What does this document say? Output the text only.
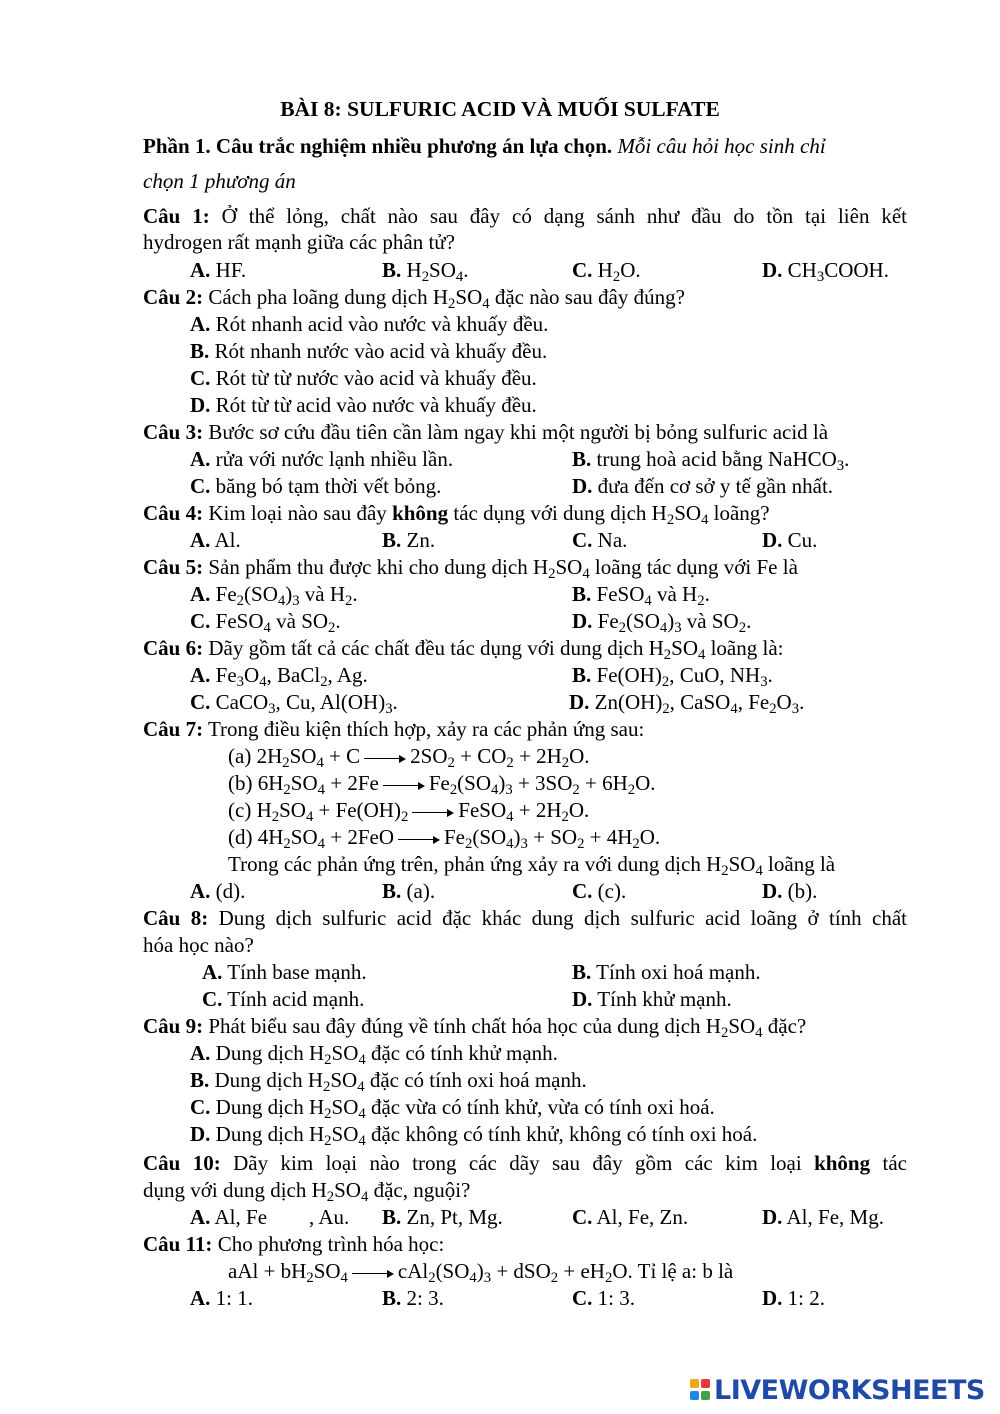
BÀI 8: SULFURIC ACID VÀ MUỐI SULFATE
Phần 1. Câu trắc nghiệm nhiều phương án lựa chọn. Mỗi câu hỏi học sinh chỉ
chọn 1 phương án
Câu 1: Ở thể lỏng, chất nào sau đây có dạng sánh như đầu do tồn tại liên kết
hydrogen rất mạnh giữa các phân tử?
A. HF.	B. $H_2SO_4$.	C. $H_2O$.	D. $CH_3COOH$.
Câu 2: Cách pha loãng dung dịch $H_2SO_4$ đặc nào sau đây đúng?
A. Rót nhanh acid vào nước và khuấy đều.
B. Rót nhanh nước vào acid và khuấy đều.
C. Rót từ từ nước vào acid và khuấy đều.
D. Rót từ từ acid vào nước và khuấy đều.
Câu 3: Bước sơ cứu đầu tiên cần làm ngay khi một người bị bỏng sulfuric acid là
A. rửa với nước lạnh nhiều lần.	B. trung hoà acid bằng NaHCO$_3$.
C. băng bó tạm thời vết bỏng.	D. đưa đến cơ sở y tế gần nhất.
Câu 4: Kim loại nào sau đây không tác dụng với dung dịch $H_2SO_4$ loãng?
A. Al.	B. Zn.	C. Na.	D. Cu.
Câu 5: Sản phẩm thu được khi cho dung dịch $H_2SO_4$ loãng tác dụng với Fe là
A. $Fe_2(SO_4)_3$ và $H_2$.	B. FeSO$_4$ và $H_2$.
C. FeSO$_4$ và $SO_2$.	D. $Fe_2(SO_4)_3$ và $SO_2$.
Câu 6: Dãy gồm tất cả các chất đều tác dụng với dung dịch $H_2SO_4$ loãng là:
A. $Fe_3O_4$, BaCl$_2$, Ag.	B. $Fe(OH)_2$, CuO, $NH_3$.
C. CaCO$_3$, Cu, $Al(OH)_3$.	D. $Zn(OH)_2$, CaSO$_4$, $Fe_2O_3$.
Câu 7: Trong điều kiện thích hợp, xảy ra các phản ứng sau:
(a) $2H_2SO_4 + C$ $2SO_2 + CO_2 + 2H_2O$.
(b) $6H_2SO_4 + 2Fe$ $Fe_2(SO_4)_3 + 3SO_2 + 6H_2O$.
(c) $H_2SO_4 + Fe(OH)_2$ FeSO$_4$ + $2H_2O$.
(d) $4H_2SO_4 + 2FeO$ $Fe_2(SO_4)_3 + SO_2 + 4H_2O$.
Trong các phản ứng trên, phản ứng xảy ra với dung dịch $H_2SO_4$ loãng là
A. (d).	B. (a).	C. (c).	D. (b).
Câu 8: Dung dịch sulfuric acid đặc khác dung dịch sulfuric acid loãng ở tính chất
hóa học nào?
A. Tính base mạnh.	B. Tính oxi hoá mạnh.
C. Tính acid mạnh.	D. Tính khử mạnh.
Câu 9: Phát biểu sau đây đúng về tính chất hóa học của dung dịch $H_2SO_4$ đặc?
A. Dung dịch $H_2SO_4$ đặc có tính khử mạnh.
B. Dung dịch $H_2SO_4$ đặc có tính oxi hoá mạnh.
C. Dung dịch $H_2SO_4$ đặc vừa có tính khử, vừa có tính oxi hoá.
D. Dung dịch $H_2SO_4$ đặc không có tính khử, không có tính oxi hoá.
Câu 10: Dãy kim loại nào trong các dãy sau đây gồm các kim loại không tác
dụng với dung dịch $H_2SO_4$ đặc, nguội?
A. Al, Fe        , Au. B. Zn, Pt, Mg.	C. Al, Fe, Zn.	D. Al, Fe, Mg.
Câu 11: Cho phương trình hóa học:
aAl + $bH_2SO_4$ $cAl_2(SO_4)_3 + dSO_2 + eH_2O$. Tỉ lệ a: b là
A. 1: 1.	B. 2: 3.	C. 1: 3.	D. 1: 2.
LIVEWORKSHEETS
